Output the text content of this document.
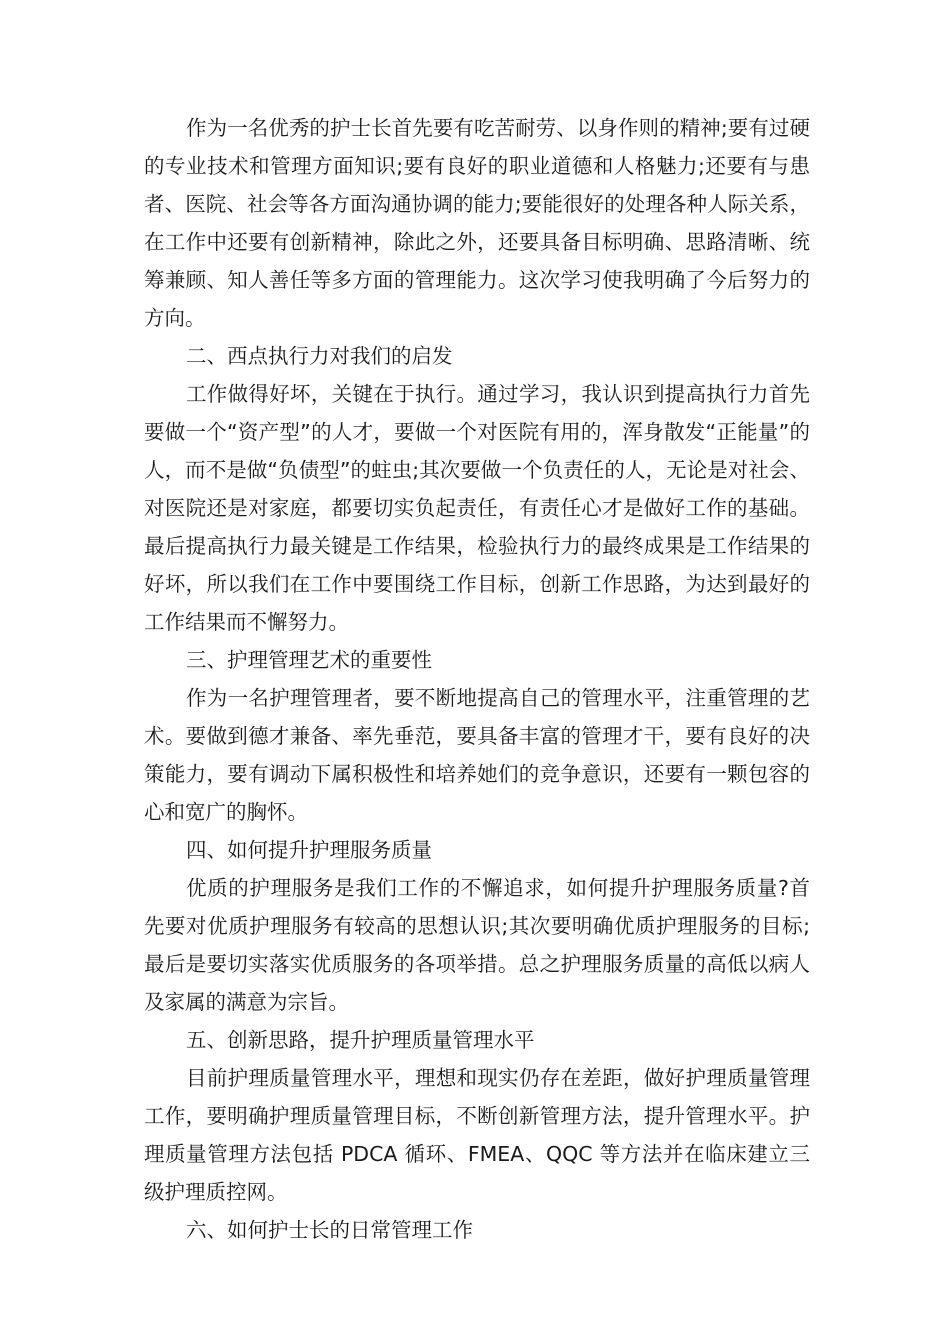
作为一名优秀的护士长首先要有吃苦耐劳、以身作则的精神;要有过硬的专业技术和管理方面知识;要有良好的职业道德和人格魅力;还要有与患者、医院、社会等各方面沟通协调的能力;要能很好的处理各种人际关系，在工作中还要有创新精神，除此之外，还要具备目标明确、思路清晰、统筹兼顾、知人善任等多方面的管理能力。这次学习使我明确了今后努力的方向。

二、西点执行力对我们的启发

工作做得好坏，关键在于执行。通过学习，我认识到提高执行力首先要做一个“资产型”的人才，要做一个对医院有用的，浑身散发“正能量”的人，而不是做“负债型”的蛀虫;其次要做一个负责任的人，无论是对社会、对医院还是对家庭，都要切实负起责任，有责任心才是做好工作的基础。最后提高执行力最关键是工作结果，检验执行力的最终成果是工作结果的好坏，所以我们在工作中要围绕工作目标，创新工作思路，为达到最好的工作结果而不懈努力。

三、护理管理艺术的重要性

作为一名护理管理者，要不断地提高自己的管理水平，注重管理的艺术。要做到德才兼备、率先垂范，要具备丰富的管理才干，要有良好的决策能力，要有调动下属积极性和培养她们的竞争意识，还要有一颗包容的心和宽广的胸怀。

四、如何提升护理服务质量

优质的护理服务是我们工作的不懈追求，如何提升护理服务质量?首先要对优质护理服务有较高的思想认识;其次要明确优质护理服务的目标;最后是要切实落实优质服务的各项举措。总之护理服务质量的高低以病人及家属的满意为宗旨。

五、创新思路，提升护理质量管理水平

目前护理质量管理水平，理想和现实仍存在差距，做好护理质量管理工作，要明确护理质量管理目标，不断创新管理方法，提升管理水平。护理质量管理方法包括 PDCA 循环、FMEA、QQC 等方法并在临床建立三级护理质控网。

六、如何护士长的日常管理工作
